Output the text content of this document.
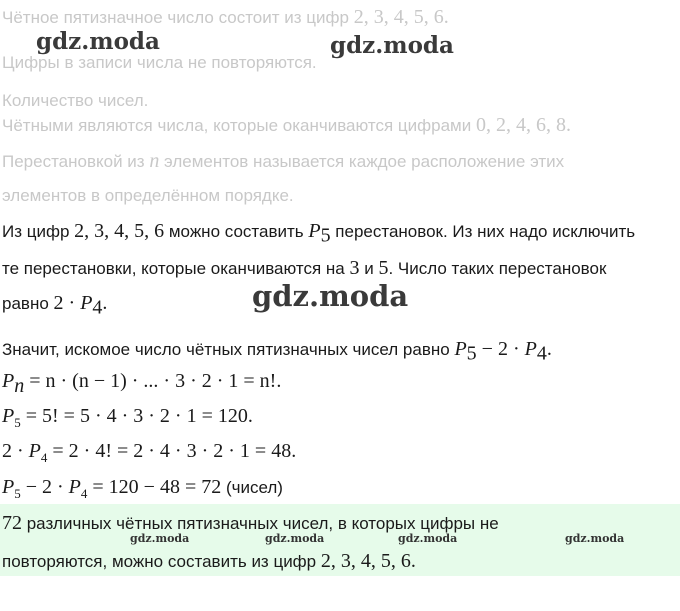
Чётное пятизначное число состоит из цифр 2, 3, 4, 5, 6.
Цифры в записи числа не повторяются.
Количество чисел.
Чётными являются числа, которые оканчиваются цифрами 0, 2, 4, 6, 8.
Перестановкой из n элементов называется каждое расположение этих
элементов в определённом порядке.
Из цифр 2, 3, 4, 5, 6 можно составить $P_5$ перестановок. Из них надо исключить
те перестановки, которые оканчиваются на 3 и 5. Число таких перестановок
равно $2 \cdot P_4$.
Значит, искомое число чётных пятизначных чисел равно $P_5 - 2 \cdot P_4$.
$P_n = n \cdot (n - 1)$ · ... · 3 · 2 · 1 = n!.
$P_5 = 5$! = 5 · 4 · 3 · 2 · 1 = 120.
$2 \cdot P_4 = 2 \cdot 4$! = 2 · 4 · 3 · 2 · 1 = 48.
$P_5 - 2 \cdot P_4 = 120 - 48 = 72$ (чисел)
72 различных чётных пятизначных чисел, в которых цифры не
повторяются, можно составить из цифр 2, 3, 4, 5, 6.
gdz.moda	gdz.moda	gdz.moda	gdz.moda
gdz.moda	gdz.moda
gdz.moda
